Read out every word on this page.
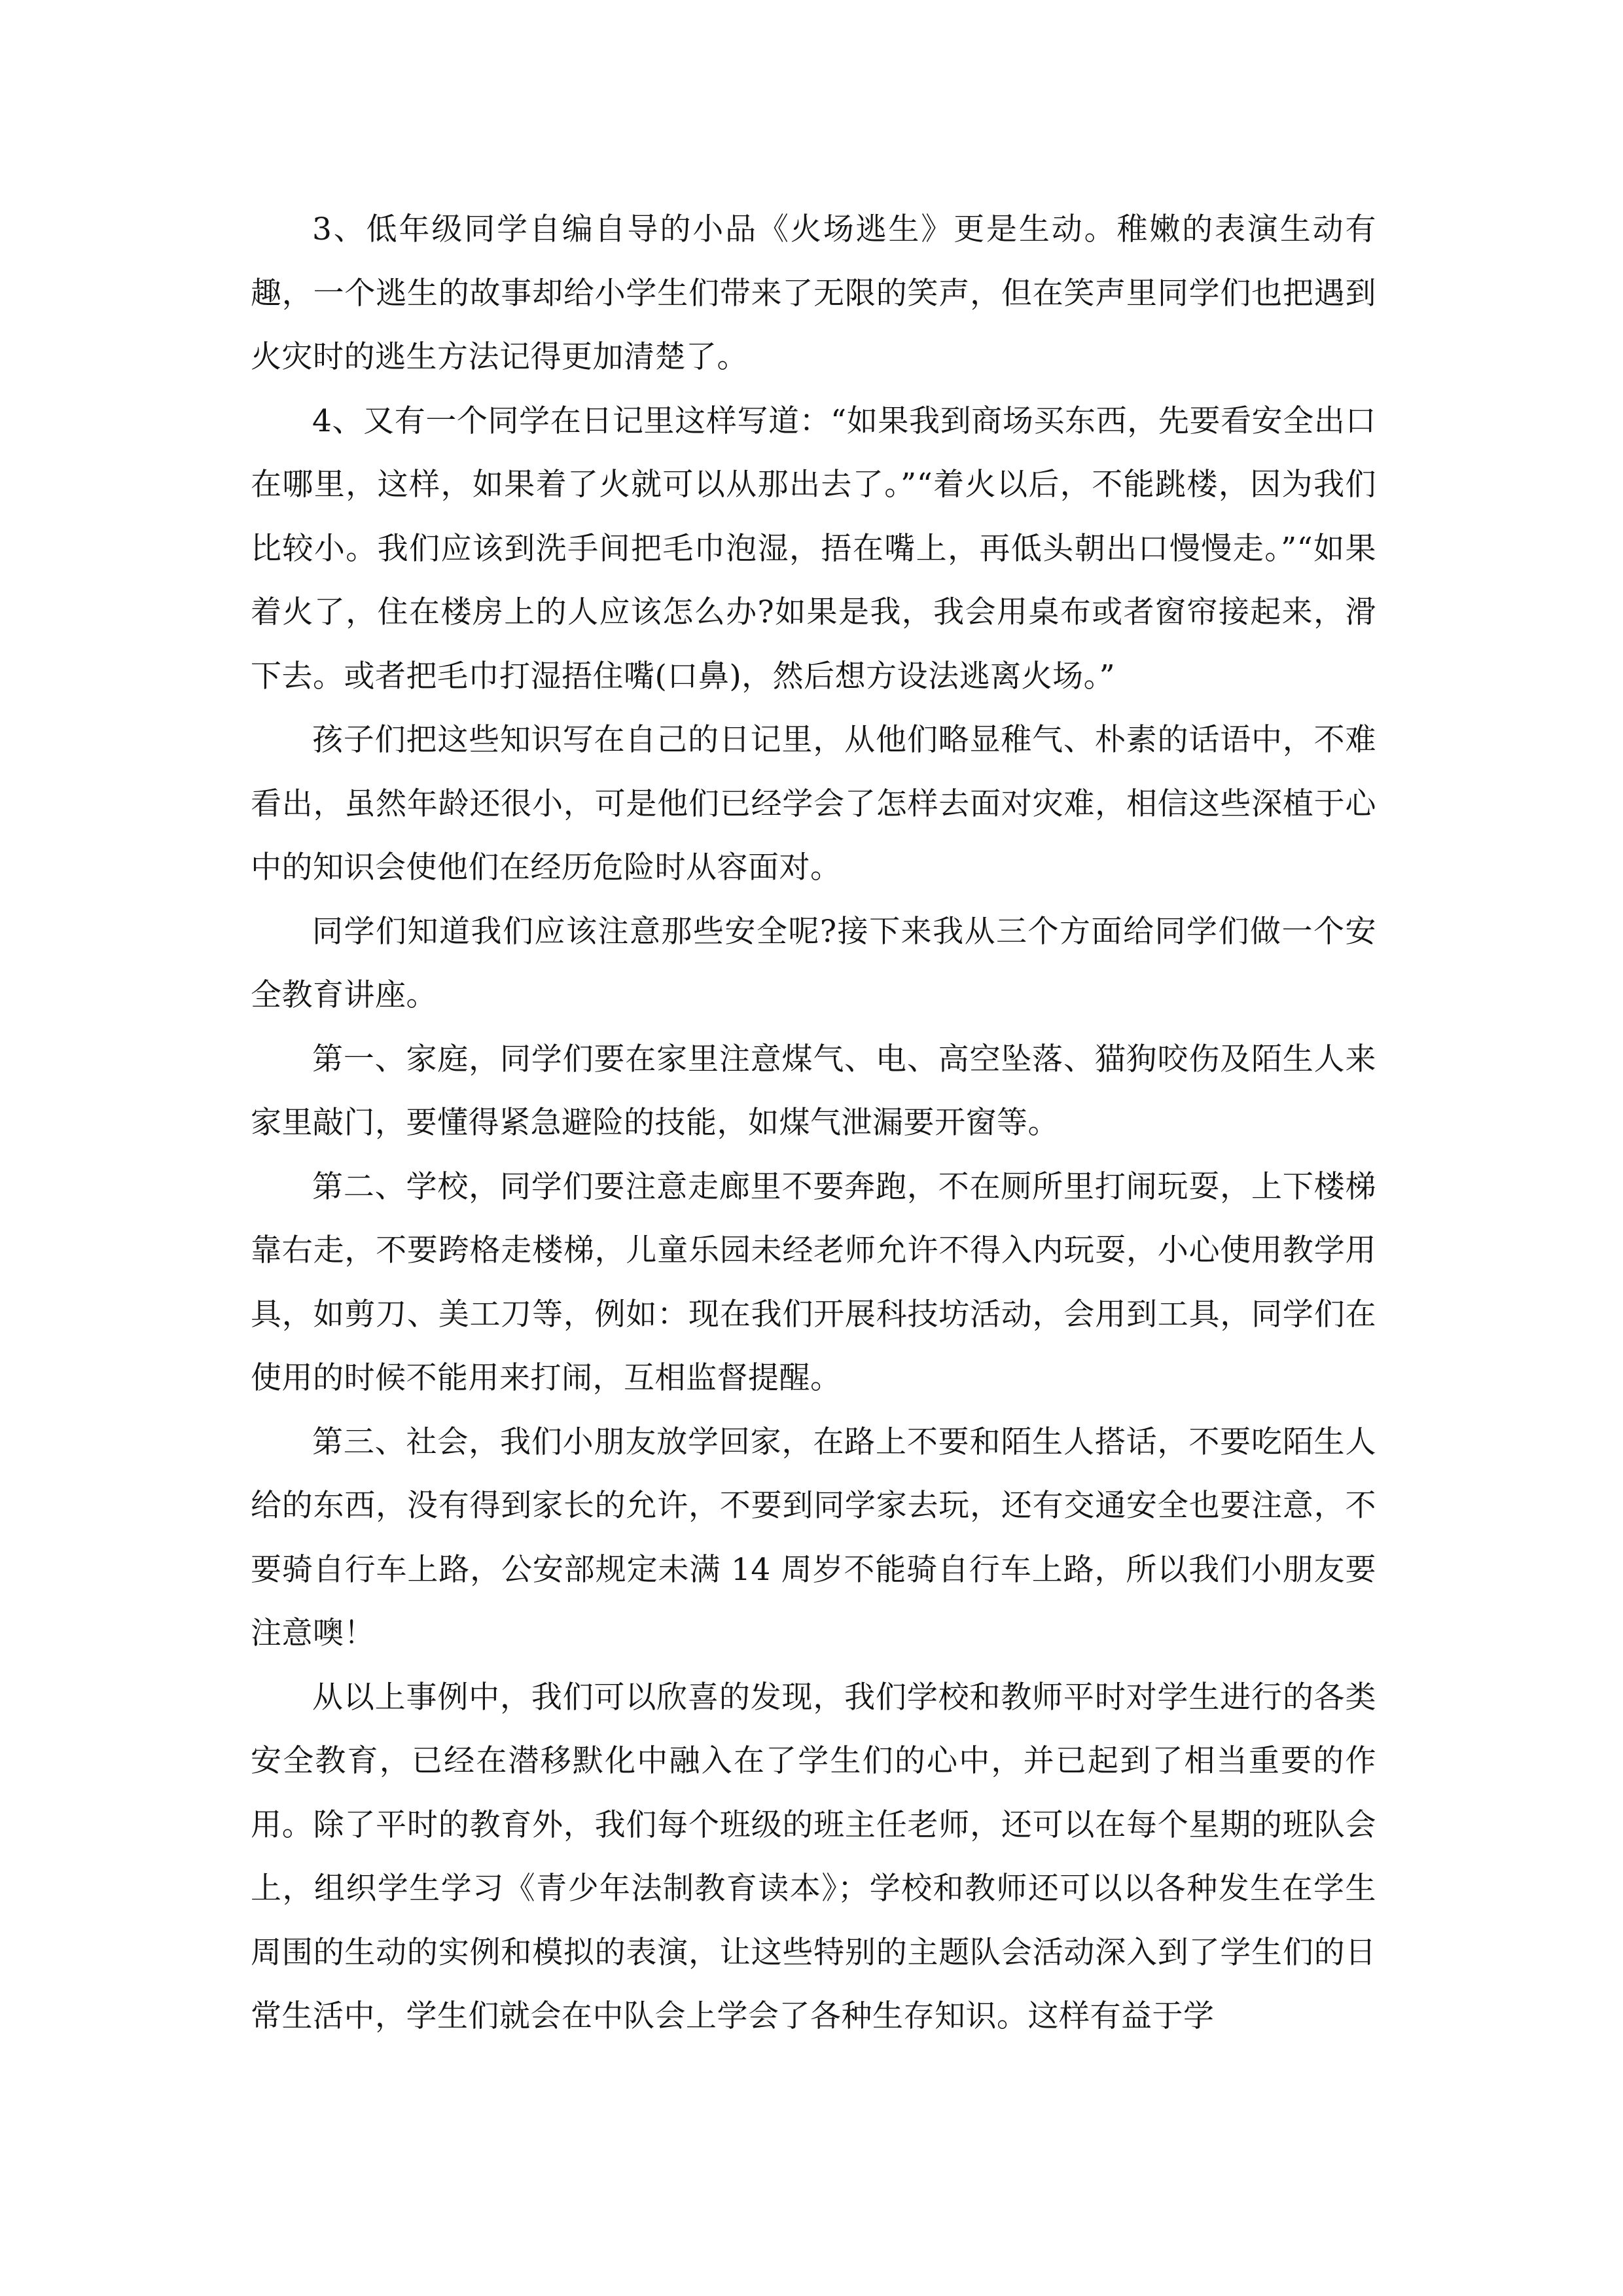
3、低年级同学自编自导的小品《火场逃生》更是生动。稚嫩的表演生动有趣，一个逃生的故事却给小学生们带来了无限的笑声，但在笑声里同学们也把遇到火灾时的逃生方法记得更加清楚了。

4、又有一个同学在日记里这样写道：“如果我到商场买东西，先要看安全出口在哪里，这样，如果着了火就可以从那出去了。”“着火以后，不能跳楼，因为我们比较小。我们应该到洗手间把毛巾泡湿，捂在嘴上，再低头朝出口慢慢走。”“如果着火了，住在楼房上的人应该怎么办?如果是我，我会用桌布或者窗帘接起来，滑下去。或者把毛巾打湿捂住嘴(口鼻)，然后想方设法逃离火场。”

孩子们把这些知识写在自己的日记里，从他们略显稚气、朴素的话语中，不难看出，虽然年龄还很小，可是他们已经学会了怎样去面对灾难，相信这些深植于心中的知识会使他们在经历危险时从容面对。

同学们知道我们应该注意那些安全呢?接下来我从三个方面给同学们做一个安全教育讲座。

第一、家庭，同学们要在家里注意煤气、电、高空坠落、猫狗咬伤及陌生人来家里敲门，要懂得紧急避险的技能，如煤气泄漏要开窗等。

第二、学校，同学们要注意走廊里不要奔跑，不在厕所里打闹玩耍，上下楼梯靠右走，不要跨格走楼梯，儿童乐园未经老师允许不得入内玩耍，小心使用教学用具，如剪刀、美工刀等，例如：现在我们开展科技坊活动，会用到工具，同学们在使用的时候不能用来打闹，互相监督提醒。

第三、社会，我们小朋友放学回家，在路上不要和陌生人搭话，不要吃陌生人给的东西，没有得到家长的允许，不要到同学家去玩，还有交通安全也要注意，不要骑自行车上路，公安部规定未满 14 周岁不能骑自行车上路，所以我们小朋友要注意噢！

从以上事例中，我们可以欣喜的发现，我们学校和教师平时对学生进行的各类安全教育，已经在潜移默化中融入在了学生们的心中，并已起到了相当重要的作用。除了平时的教育外，我们每个班级的班主任老师，还可以在每个星期的班队会上，组织学生学习《青少年法制教育读本》；学校和教师还可以以各种发生在学生周围的生动的实例和模拟的表演，让这些特别的主题队会活动深入到了学生们的日常生活中，学生们就会在中队会上学会了各种生存知识。这样有益于学
